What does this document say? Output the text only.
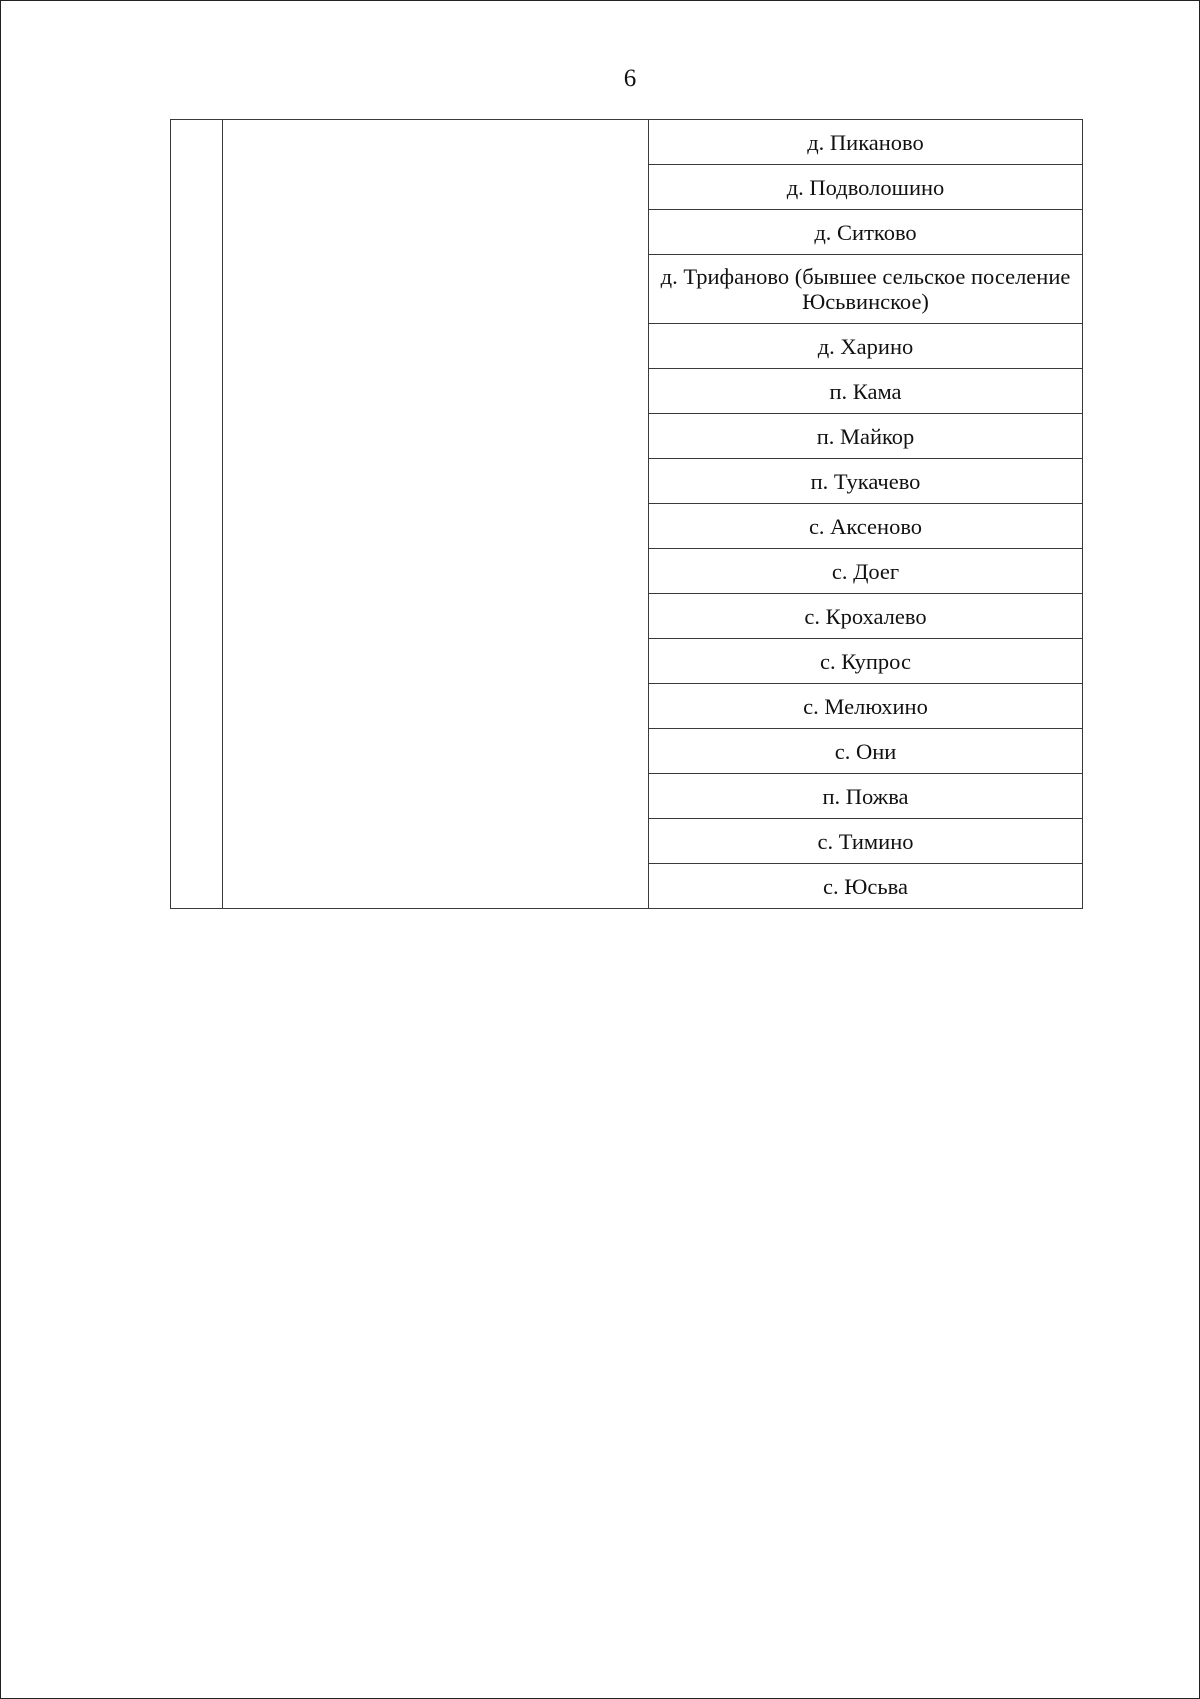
6
		д. Пиканово
д. Подволошино
д. Ситково
д. Трифаново (бывшее сельское поселение Юсьвинское)
д. Харино
п. Кама
п. Майкор
п. Тукачево
с. Аксеново
с. Доег
с. Крохалево
с. Купрос
с. Мелюхино
с. Они
п. Пожва
с. Тимино
с. Юсьва
